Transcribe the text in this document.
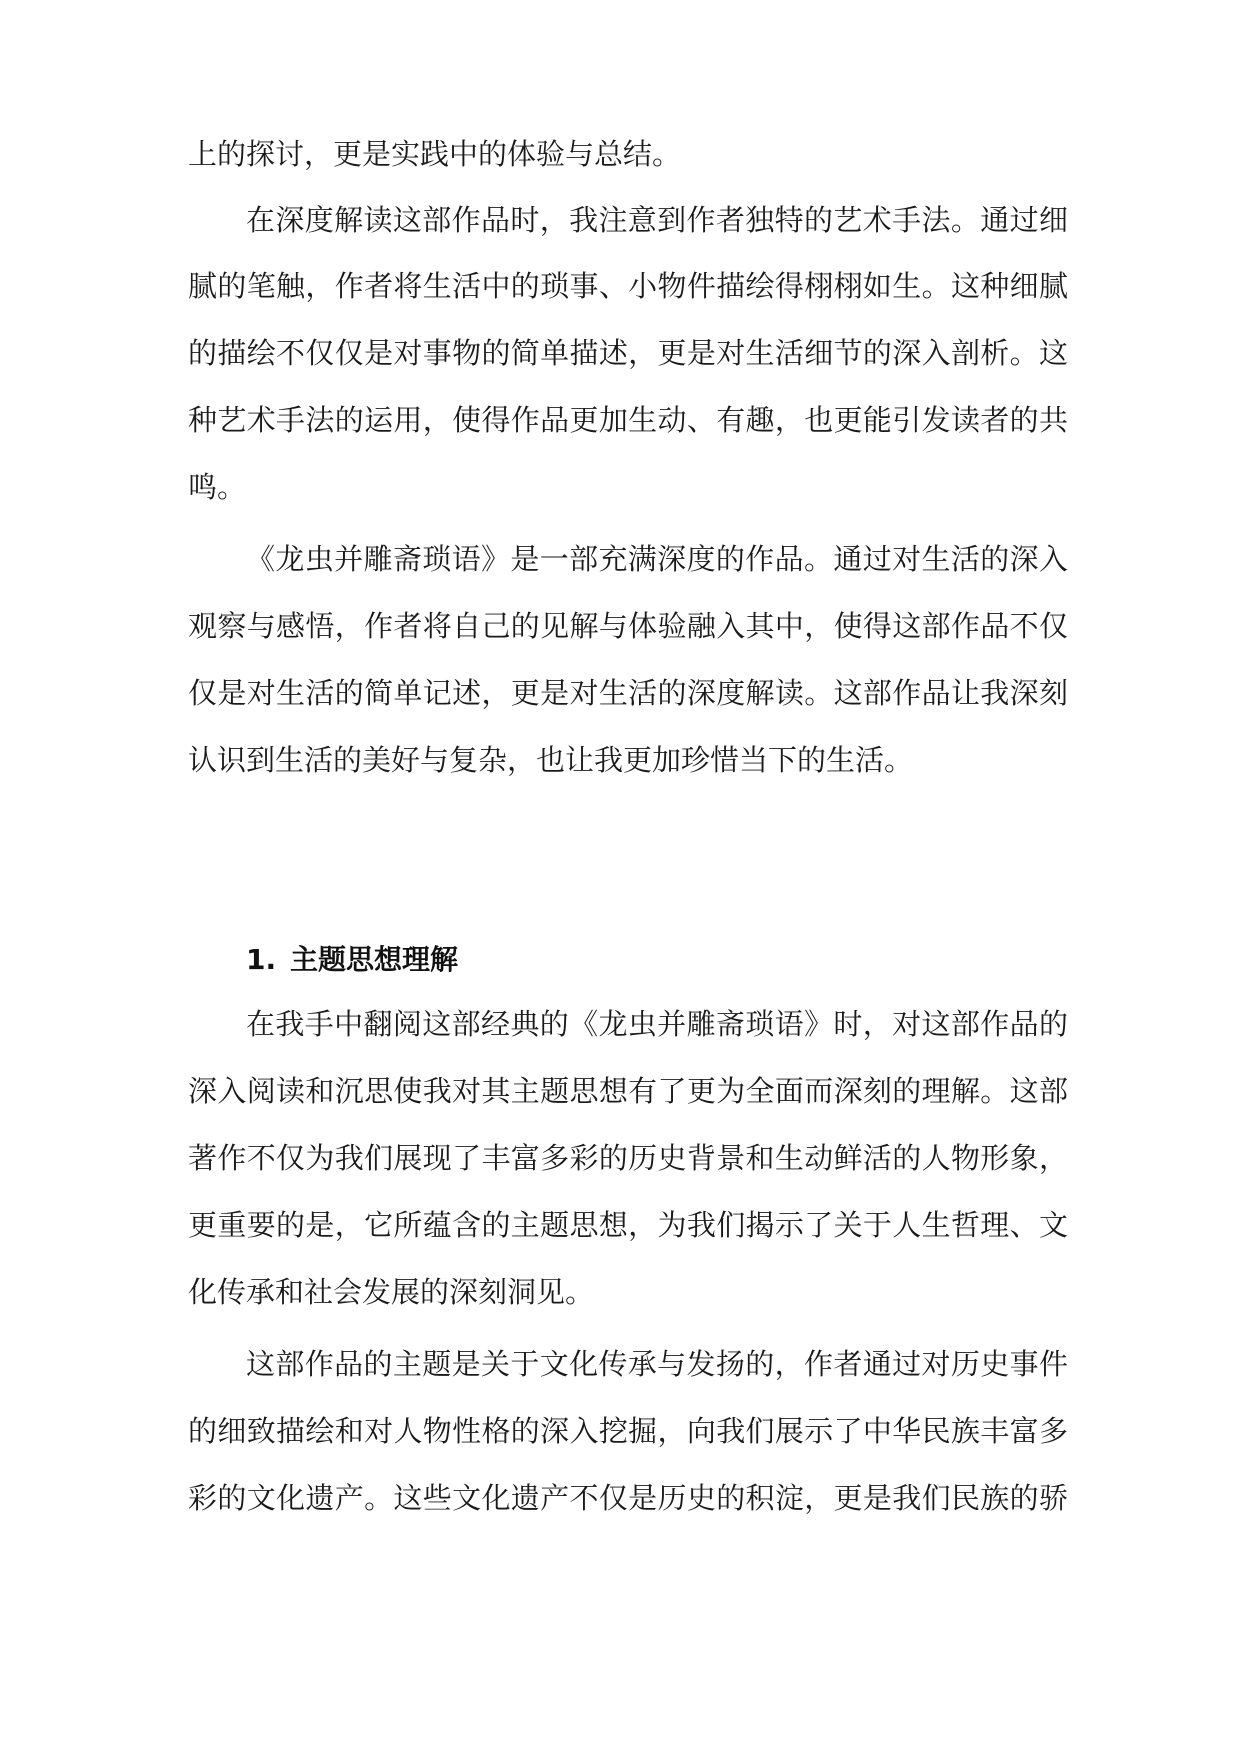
上的探讨，更是实践中的体验与总结。
在深度解读这部作品时，我注意到作者独特的艺术手法。通过细
腻的笔触，作者将生活中的琐事、小物件描绘得栩栩如生。这种细腻
的描绘不仅仅是对事物的简单描述，更是对生活细节的深入剖析。这
种艺术手法的运用，使得作品更加生动、有趣，也更能引发读者的共
鸣。
《龙虫并雕斋琐语》是一部充满深度的作品。通过对生活的深入
观察与感悟，作者将自己的见解与体验融入其中，使得这部作品不仅
仅是对生活的简单记述，更是对生活的深度解读。这部作品让我深刻
认识到生活的美好与复杂，也让我更加珍惜当下的生活。
1. 主题思想理解
在我手中翻阅这部经典的《龙虫并雕斋琐语》时，对这部作品的
深入阅读和沉思使我对其主题思想有了更为全面而深刻的理解。这部
著作不仅为我们展现了丰富多彩的历史背景和生动鲜活的人物形象，
更重要的是，它所蕴含的主题思想，为我们揭示了关于人生哲理、文
化传承和社会发展的深刻洞见。
这部作品的主题是关于文化传承与发扬的，作者通过对历史事件
的细致描绘和对人物性格的深入挖掘，向我们展示了中华民族丰富多
彩的文化遗产。这些文化遗产不仅是历史的积淀，更是我们民族的骄
